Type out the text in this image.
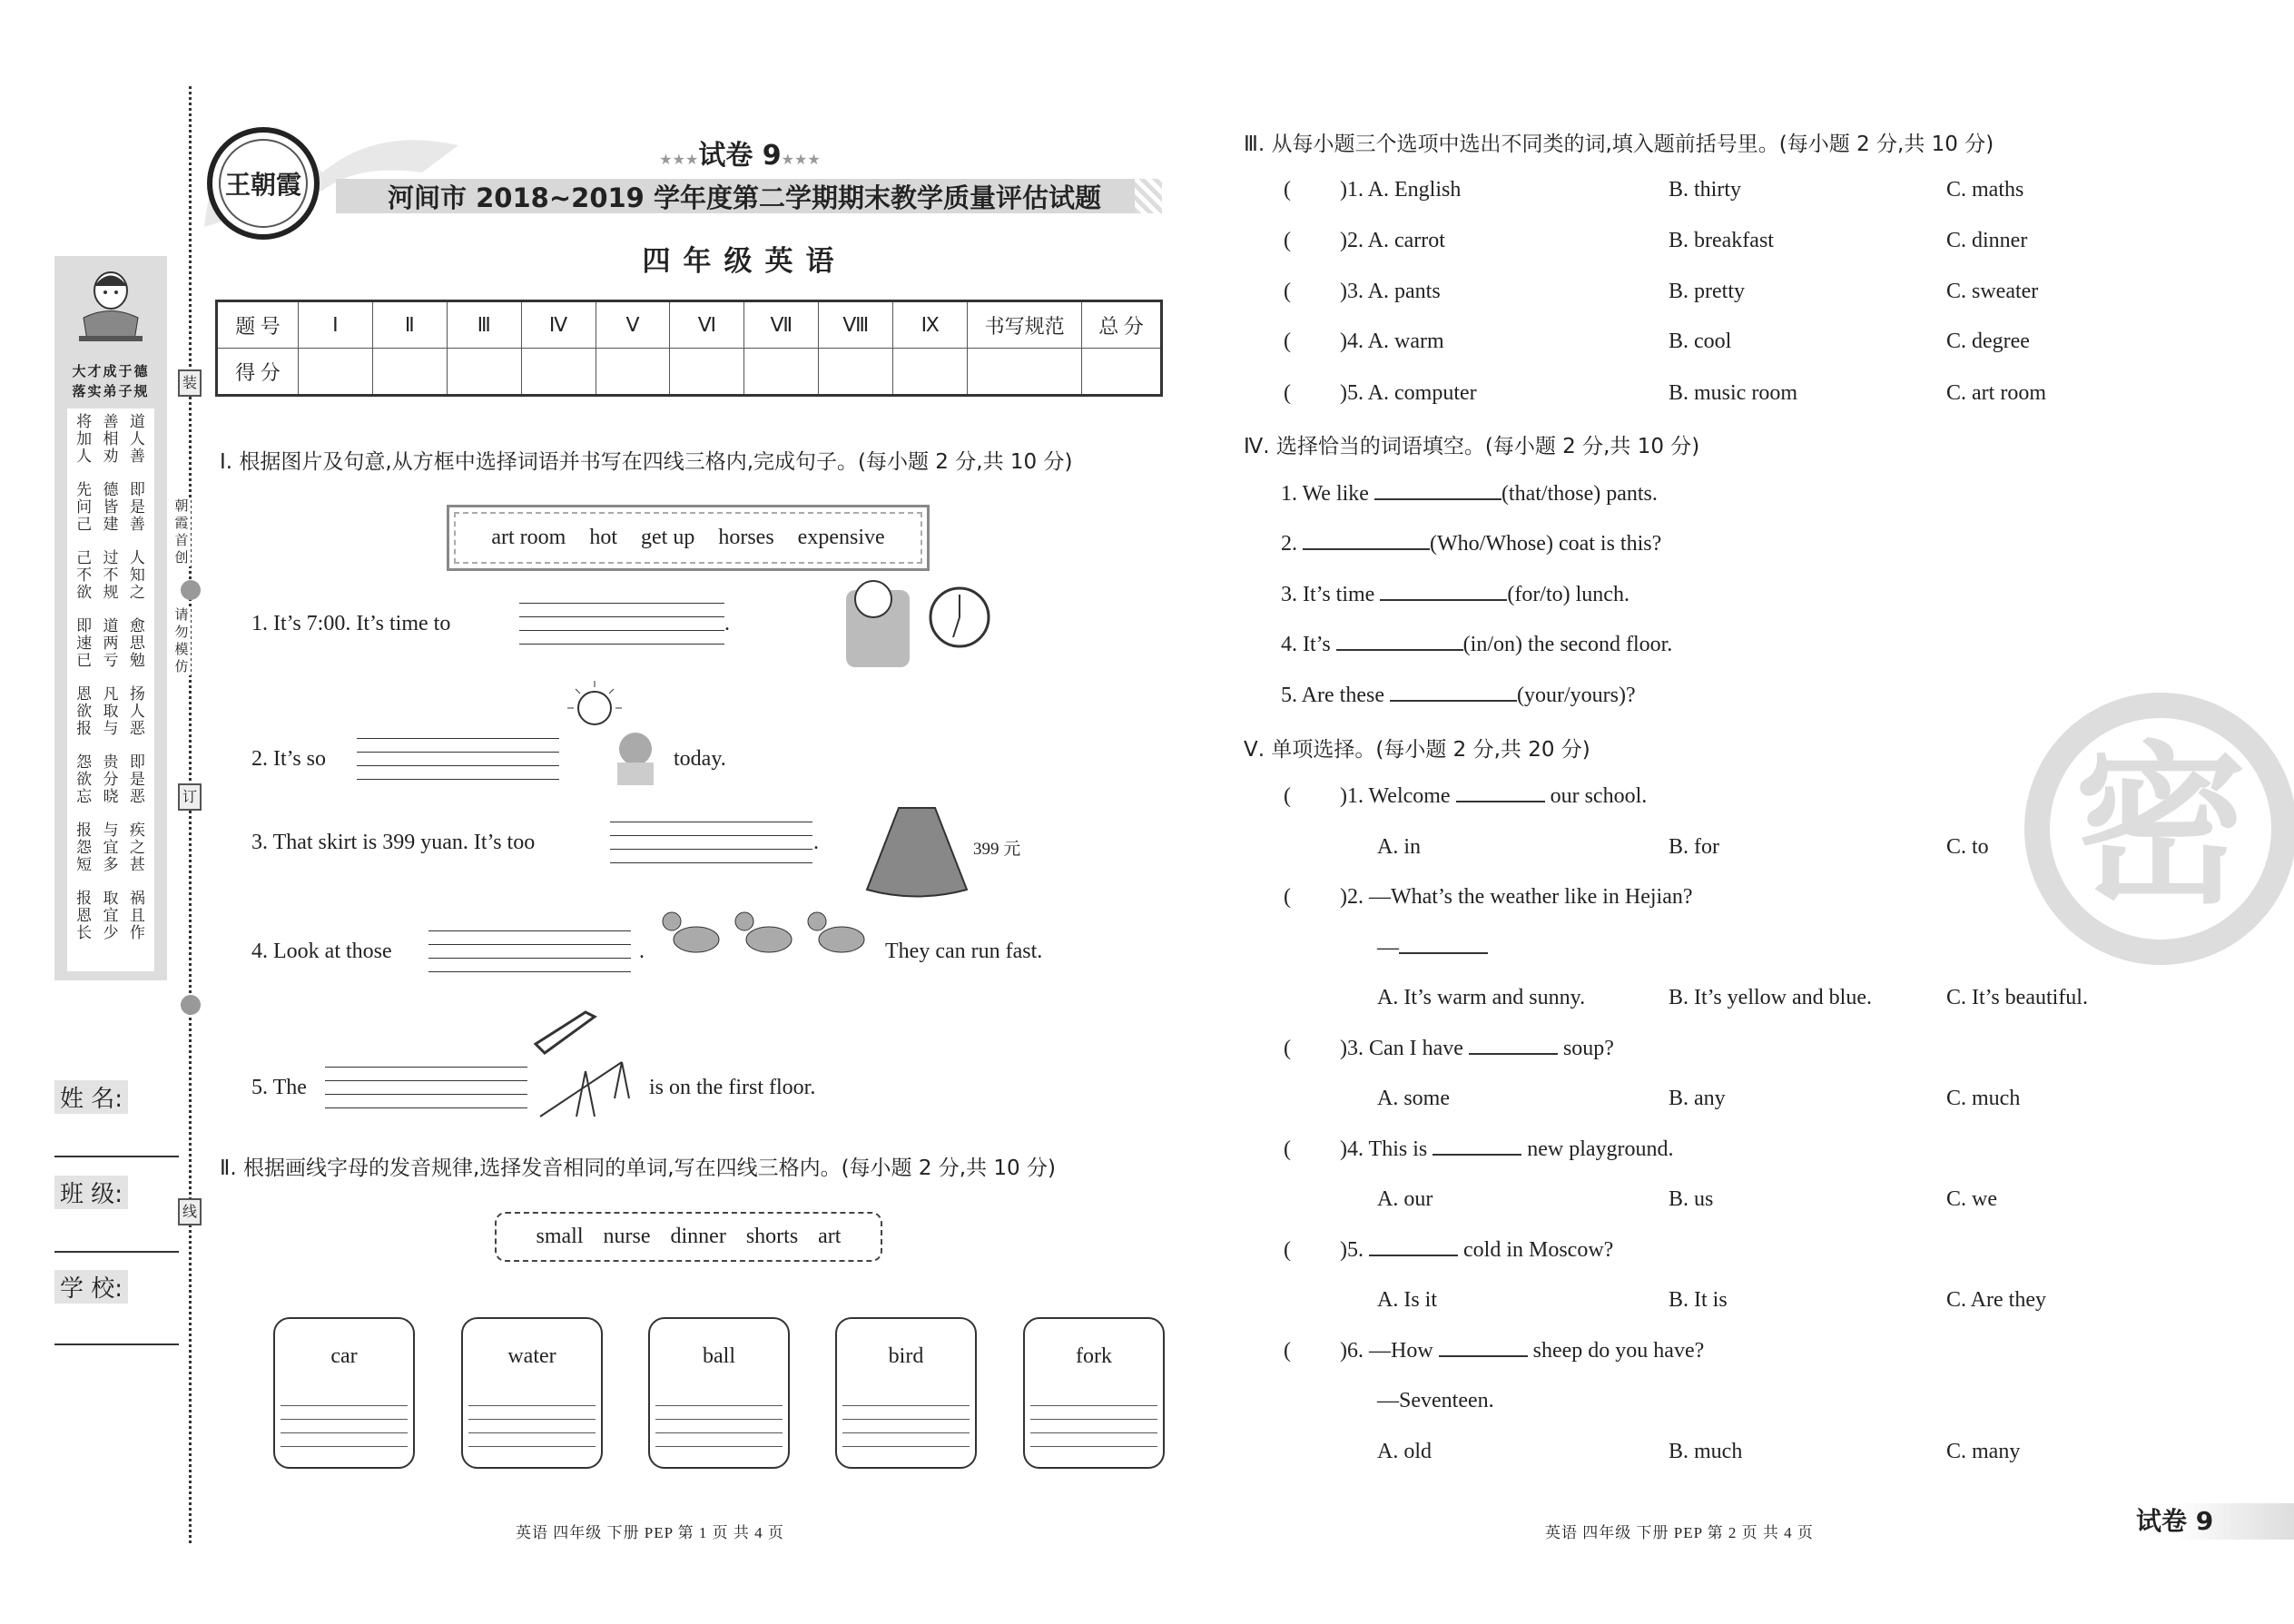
装
订
线
朝霞首创
请勿模仿
大才成于德
落实弟子规
将
加
人
善
相
劝
道
人
善
先
问
己
德
皆
建
即
是
善
己
不
欲
过
不
规
人
知
之
即
速
已
道
两
亏
愈
思
勉
恩
欲
报
凡
取
与
扬
人
恶
怨
欲
忘
贵
分
晓
即
是
恶
报
怨
短
与
宜
多
疾
之
甚
报
恩
长
取
宜
少
祸
且
作
姓 名:
班 级:
学 校:
王朝霞
★★★试卷 9★★★
河间市 2018~2019 学年度第二学期期末教学质量评估试题
四年级英语
题 号	Ⅰ	Ⅱ	Ⅲ	Ⅳ	Ⅴ	Ⅵ	Ⅶ	Ⅷ	Ⅸ	书写规范	总 分
得 分											
Ⅰ. 根据图片及句意,从方框中选择词语并书写在四线三格内,完成句子。(每小题 2 分,共 10 分)
art room hot get up horses expensive
1. It’s 7:00. It’s time to	.
2. It’s so	today.
3. That skirt is 399 yuan. It’s too	.	399 元
4. Look at those	.	They can run fast.
5. The	is on the first floor.
Ⅱ. 根据画线字母的发音规律,选择发音相同的单词,写在四线三格内。(每小题 2 分,共 10 分)
small nurse dinner shorts art
car	water	ball	bird	fork
英语 四年级 下册 PEP 第 1 页 共 4 页
密
Ⅲ. 从每小题三个选项中选出不同类的词,填入题前括号里。(每小题 2 分,共 10 分)
( )1. A. English	B. thirty	C. maths
( )2. A. carrot	B. breakfast	C. dinner
( )3. A. pants	B. pretty	C. sweater
( )4. A. warm	B. cool	C. degree
( )5. A. computer	B. music room	C. art room
Ⅳ. 选择恰当的词语填空。(每小题 2 分,共 10 分)
1. We like	(that/those) pants.
2.	(Who/Whose) coat is this?
3. It’s time	(for/to) lunch.
4. It’s	(in/on) the second floor.
5. Are these	(your/yours)?
Ⅴ. 单项选择。(每小题 2 分,共 20 分)
( )1. Welcome	our school.
A. in	B. for	C. to
( )2. —What’s the weather like in Hejian?
—
A. It’s warm and sunny.	B. It’s yellow and blue.	C. It’s beautiful.
( )3. Can I have	soup?
A. some	B. any	C. much
( )4. This is	new playground.
A. our	B. us	C. we
( )5.	cold in Moscow?
A. Is it	B. It is	C. Are they
( )6. —How	sheep do you have?
—Seventeen.
A. old	B. much	C. many
英语 四年级 下册 PEP 第 2 页 共 4 页	试卷 9
